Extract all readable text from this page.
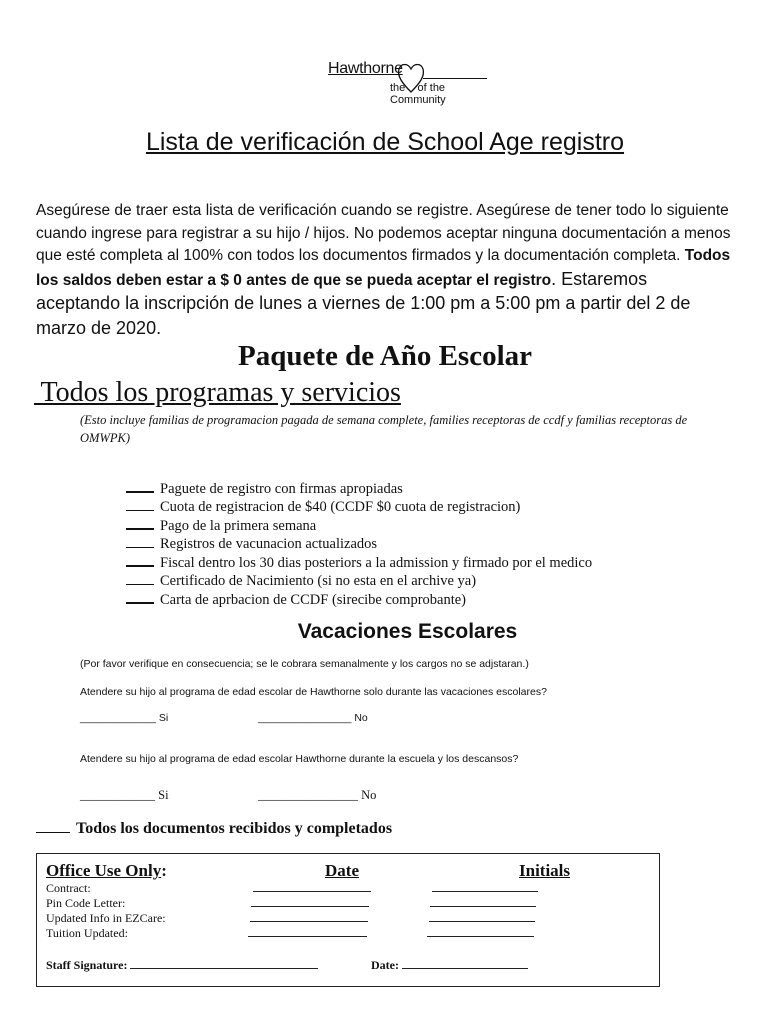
Hawthorne
the of the Community
Lista de verificación de School Age registro
Asegúrese de traer esta lista de verificación cuando se registre. Asegúrese de tener todo lo siguiente cuando ingrese para registrar a su hijo / hijos. No podemos aceptar ninguna documentación a menos que esté completa al 100% con todos los documentos firmados y la documentación completa. Todos los saldos deben estar a $ 0 antes de que se pueda aceptar el registro. Estaremos aceptando la inscripción de lunes a viernes de 1:00 pm a 5:00 pm a partir del 2 de marzo de 2020.
Paquete de Año Escolar
Todos los programas y servicios
(Esto incluye familias de programacion pagada de semana complete, families receptoras de ccdf y familias receptoras de OMWPK)
Paguete de registro con firmas apropiadas
Cuota de registracion de $40 (CCDF $0 cuota de registracion)
Pago de la primera semana
Registros de vacunacion actualizados
Fiscal dentro los 30 dias posteriors a la admission y firmado por el medico
Certificado de Nacimiento (si no esta en el archive ya)
Carta de aprbacion de CCDF (sirecibe comprobante)
Vacaciones Escolares
(Por favor verifique en consecuencia; se le cobrara semanalmente y los cargos no se adjstaran.)
Atendere su hijo al programa de edad escolar de Hawthorne solo durante las vacaciones escolares?
_____________ Si	________________ No
Atendere su hijo al programa de edad escolar Hawthorne durante la escuela y los descansos?
____________ Si	________________ No
Todos los documentos recibidos y completados
Office Use Only:	Date	Initials
Contract:
Pin Code Letter:
Updated Info in EZCare:
Tuition Updated:
Staff Signature:	Date:
